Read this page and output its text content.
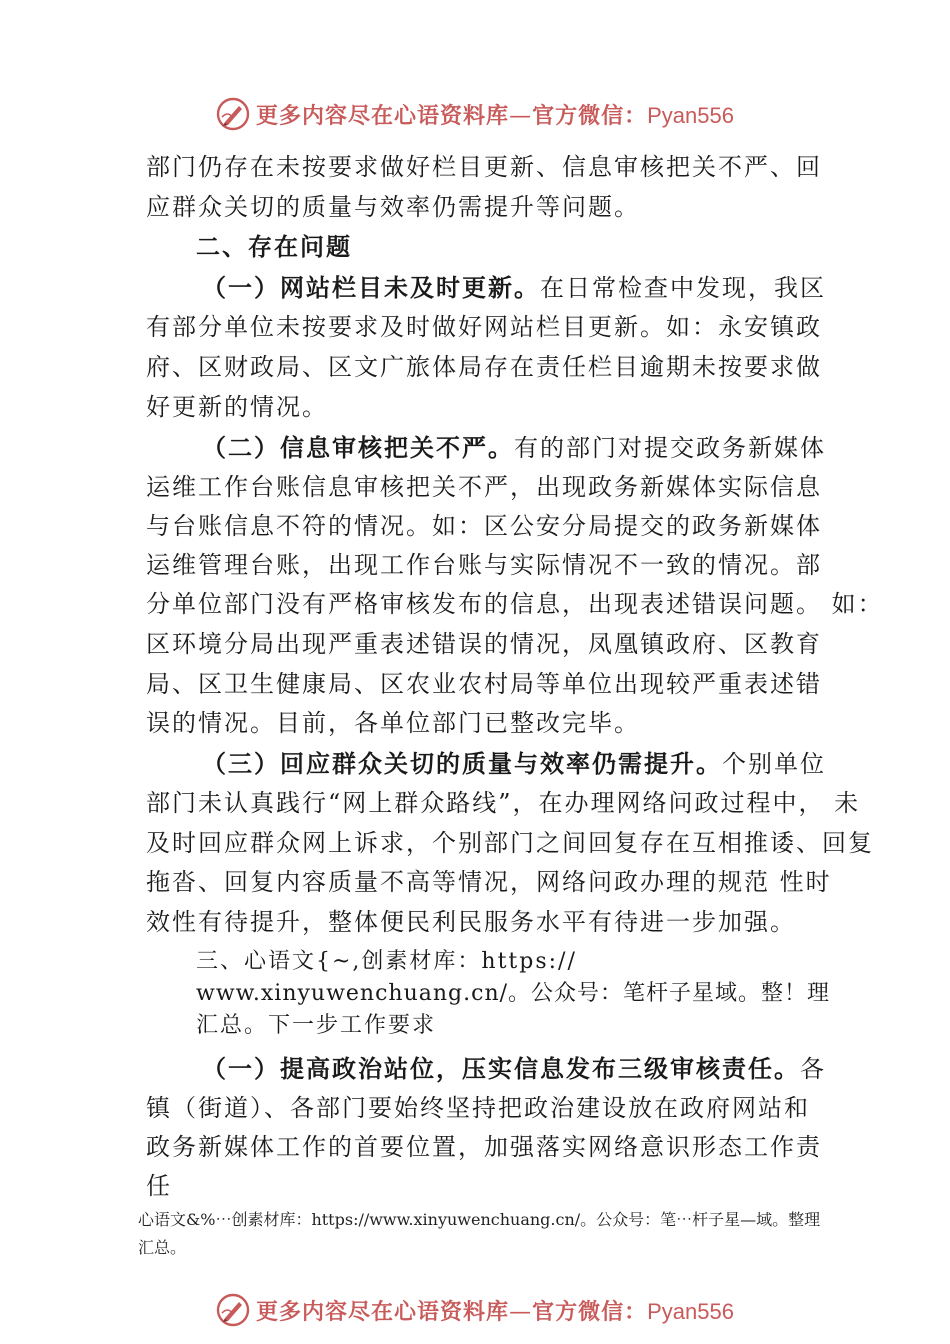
更多内容尽在心语资料库—官方微信：Pyan556
部门仍存在未按要求做好栏目更新、信息审核把关不严、回
应群众关切的质量与效率仍需提升等问题。
二、存在问题
（一）网站栏目未及时更新。在日常检查中发现，我区
有部分单位未按要求及时做好网站栏目更新。如：永安镇政
府、区财政局、区文广旅体局存在责任栏目逾期未按要求做
好更新的情况。
（二）信息审核把关不严。有的部门对提交政务新媒体
运维工作台账信息审核把关不严，出现政务新媒体实际信息
与台账信息不符的情况。如：区公安分局提交的政务新媒体
运维管理台账，出现工作台账与实际情况不一致的情况。部
分单位部门没有严格审核发布的信息，出现表述错误问题。 如：
区环境分局出现严重表述错误的情况，凤凰镇政府、区教育
局、区卫生健康局、区农业农村局等单位出现较严重表述错
误的情况。目前，各单位部门已整改完毕。
（三）回应群众关切的质量与效率仍需提升。个别单位
部门未认真践行“网上群众路线”，在办理网络问政过程中， 未
及时回应群众网上诉求，个别部门之间回复存在互相推诿、回复
拖沓、回复内容质量不高等情况，网络问政办理的规范 性时
效性有待提升，整体便民利民服务水平有待进一步加强。
三、心语文{~,创素材库：https://
www.xinyuwenchuang.cn/。公众号：笔杆子星域。整！理
汇总。下一步工作要求
（一）提高政治站位，压实信息发布三级审核责任。各
镇（街道）、各部门要始终坚持把政治建设放在政府网站和
政务新媒体工作的首要位置，加强落实网络意识形态工作责
任
心语文&%⋯创素材库：https://www.xinyuwenchuang.cn/。公众号：笔⋯杆子星—域。整理
汇总。
更多内容尽在心语资料库—官方微信：Pyan556
